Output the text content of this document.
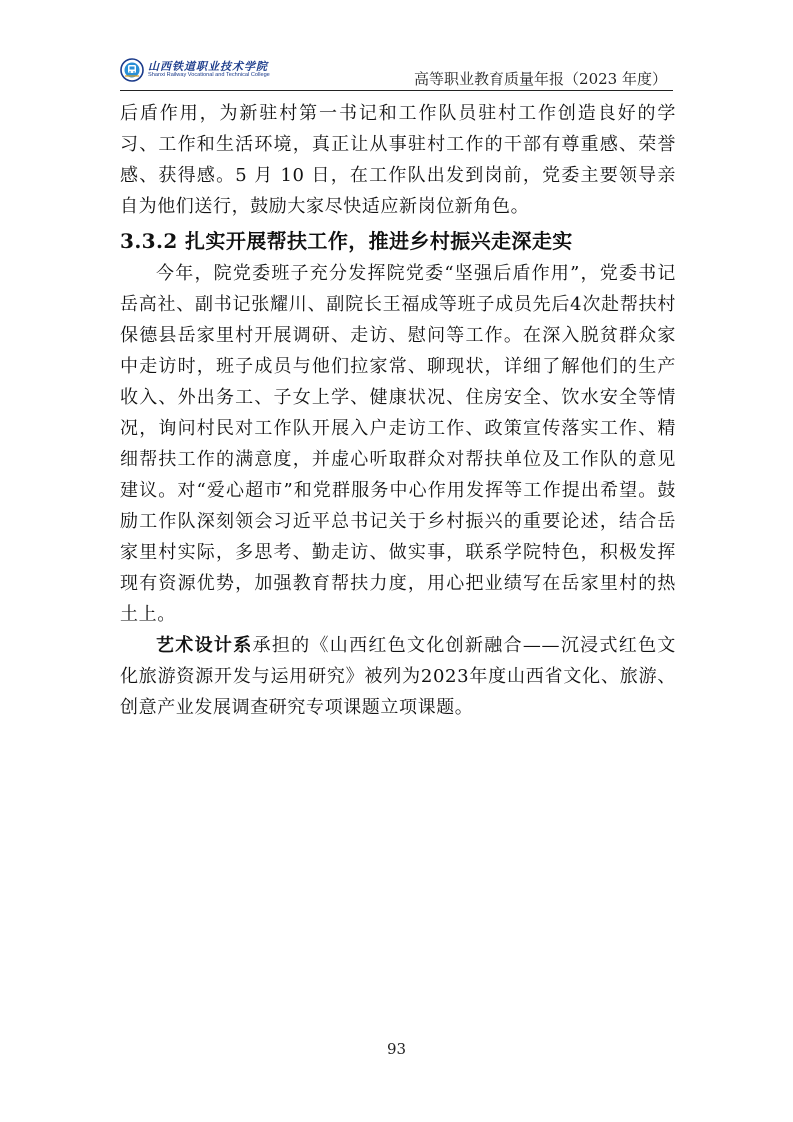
山西铁道职业技术学院
Shanxi Railway Vocational and Technical College	高等职业教育质量年报（2023 年度）

后盾作用，为新驻村第一书记和工作队员驻村工作创造良好的学习、工作和生活环境，真正让从事驻村工作的干部有尊重感、荣誉感、获得感。5 月 10 日，在工作队出发到岗前，党委主要领导亲自为他们送行，鼓励大家尽快适应新岗位新角色。

3.3.2 扎实开展帮扶工作，推进乡村振兴走深走实

今年，院党委班子充分发挥院党委“坚强后盾作用”，党委书记岳高社、副书记张耀川、副院长王福成等班子成员先后4次赴帮扶村保德县岳家里村开展调研、走访、慰问等工作。在深入脱贫群众家中走访时，班子成员与他们拉家常、聊现状，详细了解他们的生产收入、外出务工、子女上学、健康状况、住房安全、饮水安全等情况，询问村民对工作队开展入户走访工作、政策宣传落实工作、精细帮扶工作的满意度，并虚心听取群众对帮扶单位及工作队的意见建议。对“爱心超市”和党群服务中心作用发挥等工作提出希望。鼓励工作队深刻领会习近平总书记关于乡村振兴的重要论述，结合岳家里村实际，多思考、勤走访、做实事，联系学院特色，积极发挥现有资源优势，加强教育帮扶力度，用心把业绩写在岳家里村的热土上。

艺术设计系承担的《山西红色文化创新融合——沉浸式红色文化旅游资源开发与运用研究》被列为2023年度山西省文化、旅游、创意产业发展调查研究专项课题立项课题。

93
